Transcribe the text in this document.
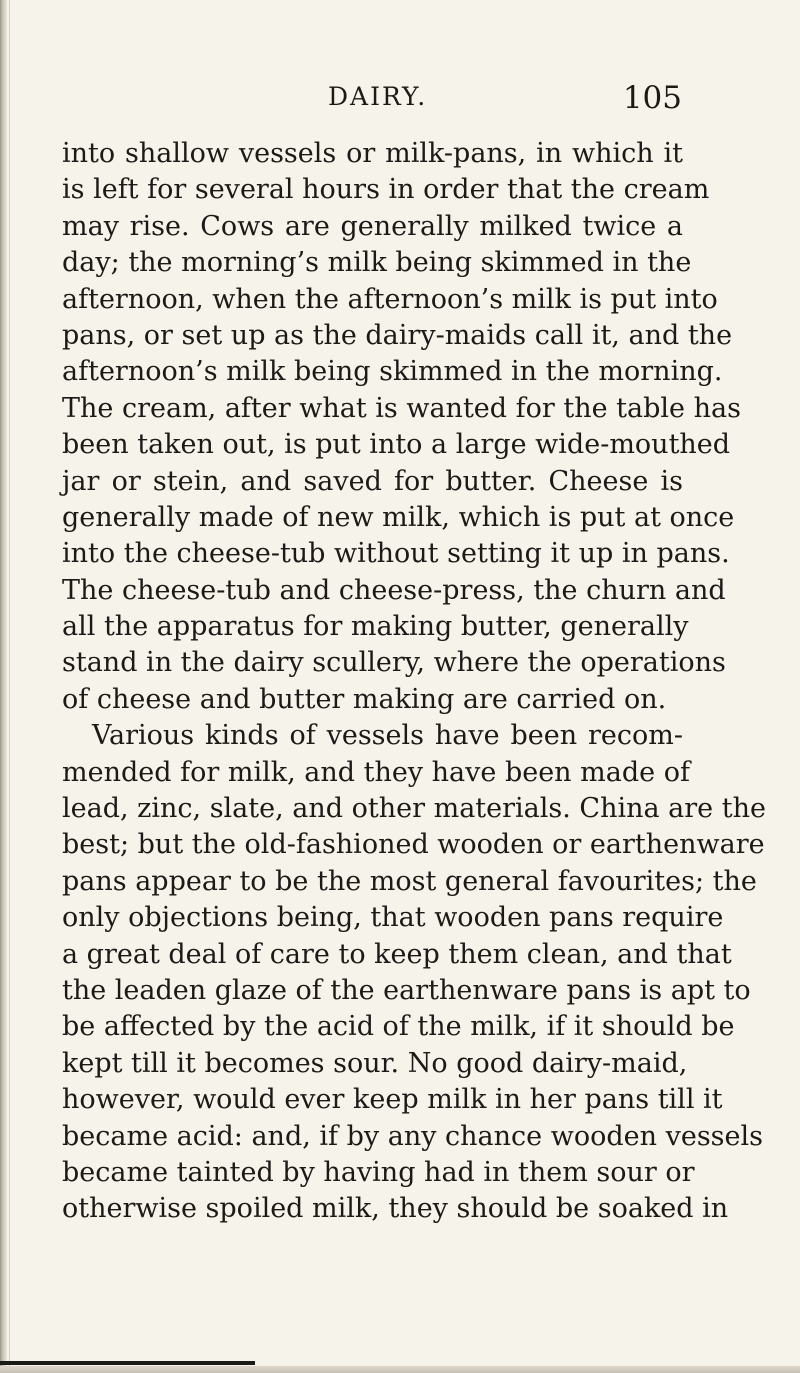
DAIRY.	105
into shallow vessels or milk-pans, in which it
is left for several hours in order that the cream
may rise. Cows are generally milked twice a
day; the morning’s milk being skimmed in the
afternoon, when the afternoon’s milk is put into
pans, or set up as the dairy-maids call it, and the
afternoon’s milk being skimmed in the morning.
The cream, after what is wanted for the table has
been taken out, is put into a large wide-mouthed
jar or stein, and saved for butter. Cheese is
generally made of new milk, which is put at once
into the cheese-tub without setting it up in pans.
The cheese-tub and cheese-press, the churn and
all the apparatus for making butter, generally
stand in the dairy scullery, where the operations
of cheese and butter making are carried on.
Various kinds of vessels have been recom-
mended for milk, and they have been made of
lead, zinc, slate, and other materials. China are the
best; but the old-fashioned wooden or earthenware
pans appear to be the most general favourites; the
only objections being, that wooden pans require
a great deal of care to keep them clean, and that
the leaden glaze of the earthenware pans is apt to
be affected by the acid of the milk, if it should be
kept till it becomes sour. No good dairy-maid,
however, would ever keep milk in her pans till it
became acid: and, if by any chance wooden vessels
became tainted by having had in them sour or
otherwise spoiled milk, they should be soaked in
